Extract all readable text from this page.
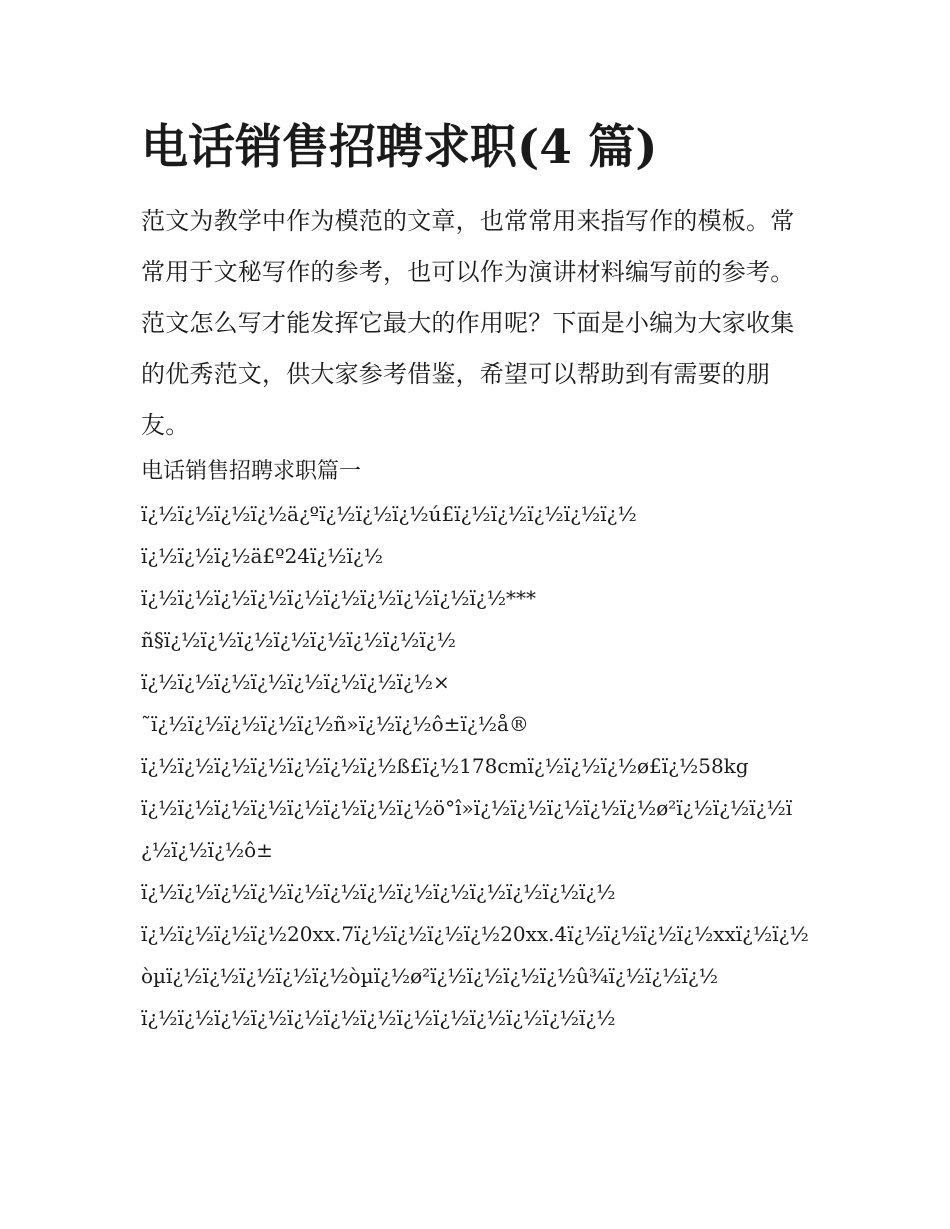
电话销售招聘求职(4 篇)

范文为教学中作为模范的文章，也常常用来指写作的模板。常常用于文秘写作的参考，也可以作为演讲材料编写前的参考。范文怎么写才能发挥它最大的作用呢？下面是小编为大家收集的优秀范文，供大家参考借鉴，希望可以帮助到有需要的朋友。

电话销售招聘求职篇一

ï¿½ï¿½ï¿½ï¿½ä¿ºï¿½ï¿½ï¿½ú£ï¿½ï¿½ï¿½ï¿½ï¿½

ï¿½ï¿½ï¿½ä£º24ï¿½ï¿½

ï¿½ï¿½ï¿½ï¿½ï¿½ï¿½ï¿½ï¿½ï¿½ï¿½***

ñ§ï¿½ï¿½ï¿½ï¿½ï¿½ï¿½ï¿½ï¿½

ï¿½ï¿½ï¿½ï¿½ï¿½ï¿½ï¿½ï¿½×

˜ï¿½ï¿½ï¿½ï¿½ï¿½ñ»ï¿½ï¿½ô±ï¿½å®

ï¿½ï¿½ï¿½ï¿½ï¿½ï¿½ï¿½ß£ï¿½178cmï¿½ï¿½ï¿½ø£ï¿½58kg

ï¿½ï¿½ï¿½ï¿½ï¿½ï¿½ï¿½ï¿½ö°î»ï¿½ï¿½ï¿½ï¿½ï¿½ø²ï¿½ï¿½ï¿½ï¿½ï¿½ï¿½ô±

ï¿½ï¿½ï¿½ï¿½ï¿½ï¿½ï¿½ï¿½ï¿½ï¿½ï¿½ï¿½ï¿½

ï¿½ï¿½ï¿½ï¿½20xx.7ï¿½ï¿½ï¿½ï¿½20xx.4ï¿½ï¿½ï¿½ï¿½xxï¿½ï¿½òµï¿½ï¿½ï¿½ï¿½ï¿½òµï¿½ø²ï¿½ï¿½ï¿½ï¿½û¾ï¿½ï¿½ï¿½

ï¿½ï¿½ï¿½ï¿½ï¿½ï¿½ï¿½ï¿½ï¿½ï¿½ï¿½ï¿½ï¿½
